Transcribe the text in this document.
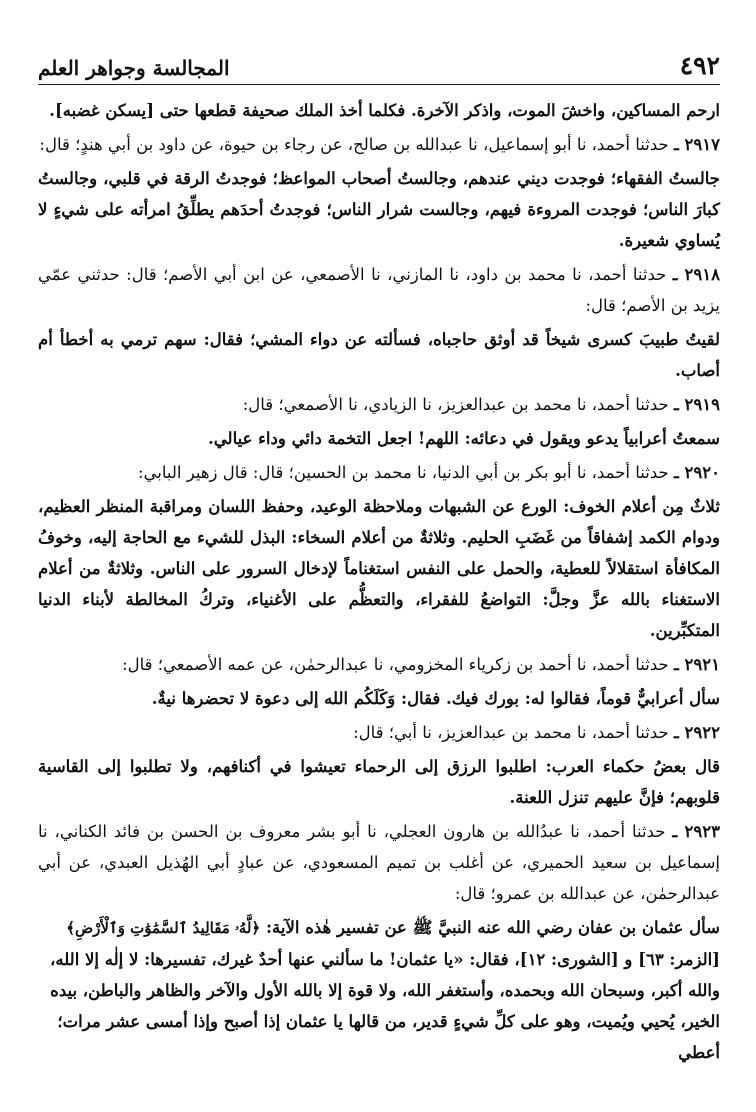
٤٩٢
المجالسة وجواهر العلم

ارحم المساكين، واخشَ الموت، واذكر الآخرة. فكلما أخذ الملك صحيفة قطعها حتى [يسكن غضبه].

٢٩١٧ ـ حدثنا أحمد، نا أبو إسماعيل، نا عبدالله بن صالح، عن رجاء بن حيوة، عن داود بن أبي هندٍ؛ قال:

جالستُ الفقهاء؛ فوجدت ديني عندهم، وجالستُ أصحاب المواعظ؛ فوجدتُ الرقة في قلبي، وجالستُ كبارَ الناس؛ فوجدت المروءة فيهم، وجالست شرار الناس؛ فوجدتُ أحدَهم يطلِّقُ امرأته على شيءٍ لا يُساوي شعيرة.

٢٩١٨ ـ حدثنا أحمد، نا محمد بن داود، نا المازني، نا الأصمعي، عن ابن أبي الأصم؛ قال: حدثني عمّي يزيد بن الأصم؛ قال:

لقيتُ طبيبَ كسرى شيخاً قد أوثق حاجباه، فسألته عن دواء المشي؛ فقال: سهم ترمي به أخطأ أم أصاب.

٢٩١٩ ـ حدثنا أحمد، نا محمد بن عبدالعزيز، نا الزيادي، نا الأصمعي؛ قال:

سمعتُ أعرابياً يدعو ويقول في دعائه: اللهم! اجعل التخمة دائي وداء عيالي.

٢٩٢٠ ـ حدثنا أحمد، نا أبو بكر بن أبي الدنيا، نا محمد بن الحسين؛ قال: قال زهير البابي:

ثلاثٌ مِن أعلام الخوف: الورع عن الشبهات وملاحظة الوعيد، وحفظ اللسان ومراقبة المنظر العظيم، ودوام الكمد إشفاقاً من غَضَبِ الحليم. وثلاثةٌ من أعلام السخاء: البذل للشيء مع الحاجة إليه، وخوفُ المكافأة استقلالاً للعطية، والحمل على النفس استغناماً لإدخال السرور على الناس. وثلاثةٌ من أعلام الاستغناء بالله عزَّ وجلَّ: التواضعُ للفقراء، والتعظُّم على الأغنياء، وتركُ المخالطة لأبناء الدنيا المتكبِّرين.

٢٩٢١ ـ حدثنا أحمد، نا أحمد بن زكرياء المخزومي، نا عبدالرحمٰن، عن عمه الأصمعي؛ قال:

سأل أعرابيٌّ قوماً، فقالوا له: بورك فيك. فقال: وَكَلَكُم الله إلى دعوة لا تحضرها نيةٌ.

٢٩٢٢ ـ حدثنا أحمد، نا محمد بن عبدالعزيز، نا أبي؛ قال:

قال بعضُ حكماء العرب: اطلبوا الرزق إلى الرحماء تعيشوا في أكنافهم، ولا تطلبوا إلى القاسية قلوبهم؛ فإنَّ عليهم تنزل اللعنة.

٢٩٢٣ ـ حدثنا أحمد، نا عبدُالله بن هارون العجلي، نا أبو بشر معروف بن الحسن بن فائد الكناني، نا إسماعيل بن سعيد الحميري، عن أغلب بن تميم المسعودي، عن عبادٍ أبي الهُذيل العبدي، عن أبي عبدالرحمٰن، عن عبدالله بن عمرو؛ قال:

سأل عثمان بن عفان رضي الله عنه النبيَّ ﷺ عن تفسير هٰذه الآية: ﴿لَّهُۥ مَقَالِيدُ ٱلسَّمَٰوَٰتِ وَٱلْأَرْضِ﴾ [الزمر: ٦٣] و [الشورى: ١٢]، فقال: «يا عثمان! ما سألني عنها أحدٌ غيرك، تفسيرها: لا إلٰه إلا الله، والله أكبر، وسبحان الله وبحمده، وأستغفر الله، ولا قوة إلا بالله الأول والآخر والظاهر والباطن، بيده الخير، يُحيي ويُميت، وهو على كلِّ شيءٍ قدير، من قالها يا عثمان إذا أصبح وإذا أمسى عشر مرات؛ أعطي
